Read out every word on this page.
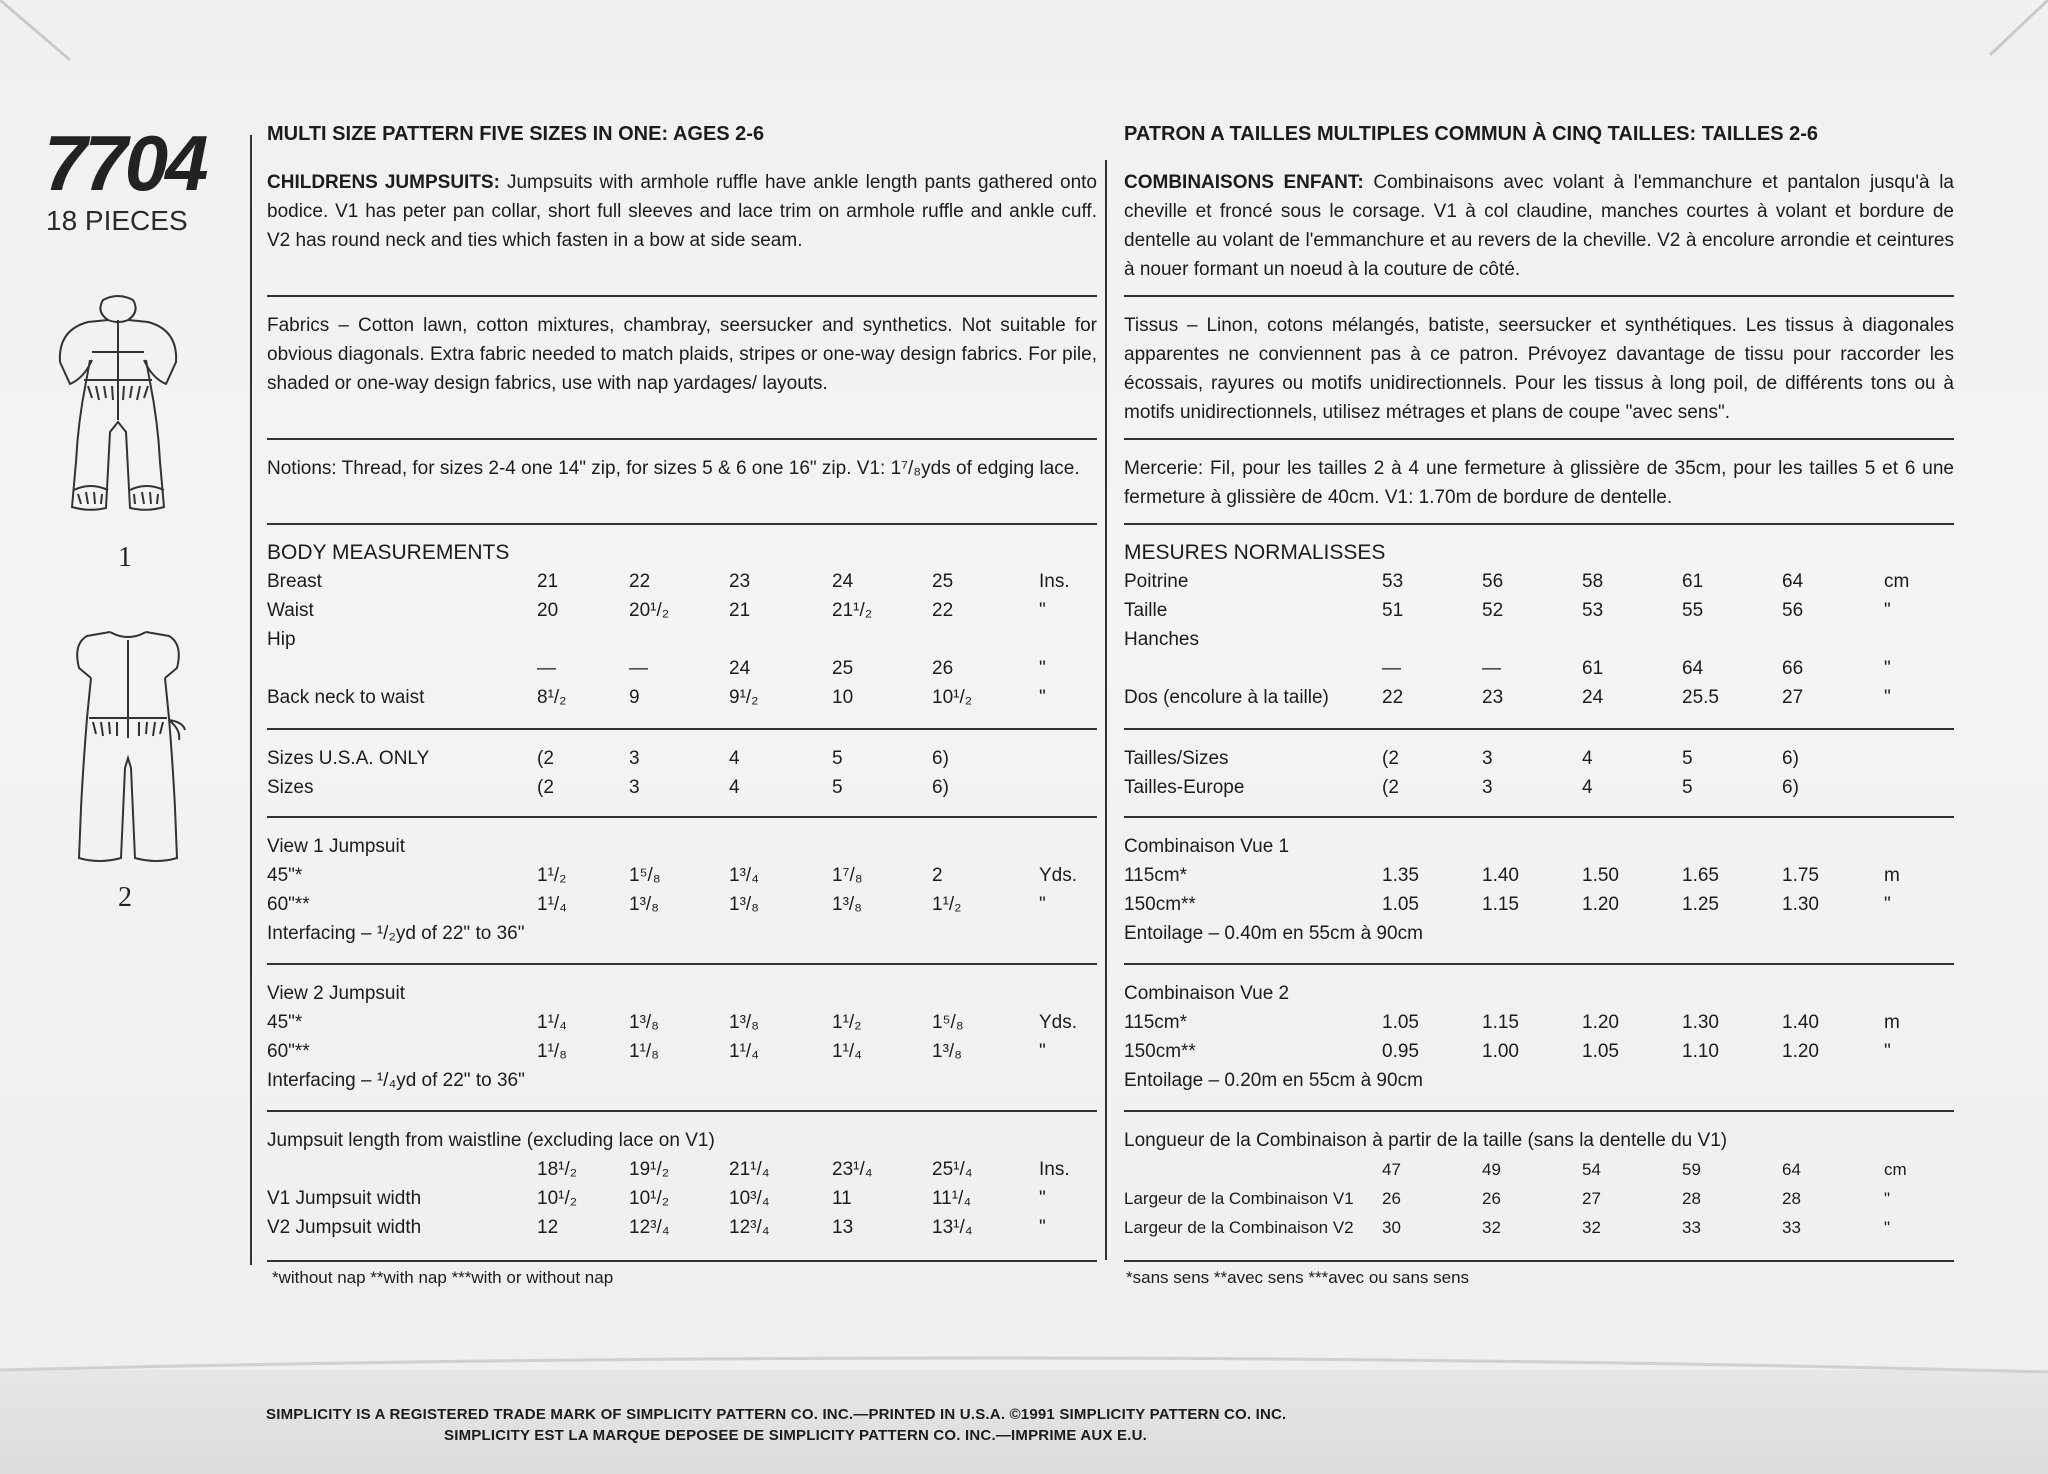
7704
18 PIECES
1
2
MULTI SIZE PATTERN FIVE SIZES IN ONE: AGES 2-6

CHILDRENS JUMPSUITS: Jumpsuits with armhole ruffle have ankle length pants gathered onto bodice. V1 has peter pan collar, short full sleeves and lace trim on armhole ruffle and ankle cuff. V2 has round neck and ties which fasten in a bow at side seam.

Fabrics – Cotton lawn, cotton mixtures, chambray, seersucker and synthetics. Not suitable for obvious diagonals. Extra fabric needed to match plaids, stripes or one-way design fabrics. For pile, shaded or one-way design fabrics, use with nap yardages/ layouts.

Notions: Thread, for sizes 2-4 one 14" zip, for sizes 5 & 6 one 16" zip. V1: 1⁷/₈yds of edging lace.

BODY MEASUREMENTS
Breast	21	22	23	24	25	Ins.
Waist	20	20¹/₂	21	21¹/₂	22	"
Hip
—	—	24	25	26	"
Back neck to waist	8¹/₂	9	9¹/₂	10	10¹/₂	"
Sizes U.S.A. ONLY	(2	3	4	5	6)
Sizes	(2	3	4	5	6)
View 1 Jumpsuit
45"*	1¹/₂	1⁵/₈	1³/₄	1⁷/₈	2	Yds.
60"**	1¹/₄	1³/₈	1³/₈	1³/₈	1¹/₂	"
Interfacing – ¹/₂yd of 22" to 36"
View 2 Jumpsuit
45"*	1¹/₄	1³/₈	1³/₈	1¹/₂	1⁵/₈	Yds.
60"**	1¹/₈	1¹/₈	1¹/₄	1¹/₄	1³/₈	"
Interfacing – ¹/₄yd of 22" to 36"
Jumpsuit length from waistline (excluding lace on V1)
18¹/₂	19¹/₂	21¹/₄	23¹/₄	25¹/₄	Ins.
V1 Jumpsuit width	10¹/₂	10¹/₂	10³/₄	11	11¹/₄	"
V2 Jumpsuit width	12	12³/₄	12³/₄	13	13¹/₄	"
*without nap **with nap ***with or without nap
PATRON A TAILLES MULTIPLES COMMUN À CINQ TAILLES: TAILLES 2-6

COMBINAISONS ENFANT: Combinaisons avec volant à l'emmanchure et pantalon jusqu'à la cheville et froncé sous le corsage. V1 à col claudine, manches courtes à volant et bordure de dentelle au volant de l'emmanchure et au revers de la cheville. V2 à encolure arrondie et ceintures à nouer formant un noeud à la couture de côté.

Tissus – Linon, cotons mélangés, batiste, seersucker et synthétiques. Les tissus à diagonales apparentes ne conviennent pas à ce patron. Prévoyez davantage de tissu pour raccorder les écossais, rayures ou motifs unidirectionnels. Pour les tissus à long poil, de différents tons ou à motifs unidirectionnels, utilisez métrages et plans de coupe "avec sens".

Mercerie: Fil, pour les tailles 2 à 4 une fermeture à glissière de 35cm, pour les tailles 5 et 6 une fermeture à glissière de 40cm. V1: 1.70m de bordure de dentelle.

MESURES NORMALISSES
Poitrine	53	56	58	61	64	cm
Taille	51	52	53	55	56	"
Hanches
—	—	61	64	66	"
Dos (encolure à la taille)	22	23	24	25.5	27	"
Tailles/Sizes	(2	3	4	5	6)
Tailles-Europe	(2	3	4	5	6)
Combinaison Vue 1
115cm*	1.35	1.40	1.50	1.65	1.75	m
150cm**	1.05	1.15	1.20	1.25	1.30	"
Entoilage – 0.40m en 55cm à 90cm
Combinaison Vue 2
115cm*	1.05	1.15	1.20	1.30	1.40	m
150cm**	0.95	1.00	1.05	1.10	1.20	"
Entoilage – 0.20m en 55cm à 90cm
Longueur de la Combinaison à partir de la taille (sans la dentelle du V1)
47	49	54	59	64	cm
Largeur de la Combinaison V1 26	26	27	28	28	"
Largeur de la Combinaison V2 30	32	32	33	33	"
*sans sens **avec sens ***avec ou sans sens
SIMPLICITY IS A REGISTERED TRADE MARK OF SIMPLICITY PATTERN CO. INC.—PRINTED IN U.S.A. ©1991 SIMPLICITY PATTERN CO. INC.
SIMPLICITY EST LA MARQUE DEPOSEE DE SIMPLICITY PATTERN CO. INC.—IMPRIME AUX E.U.
